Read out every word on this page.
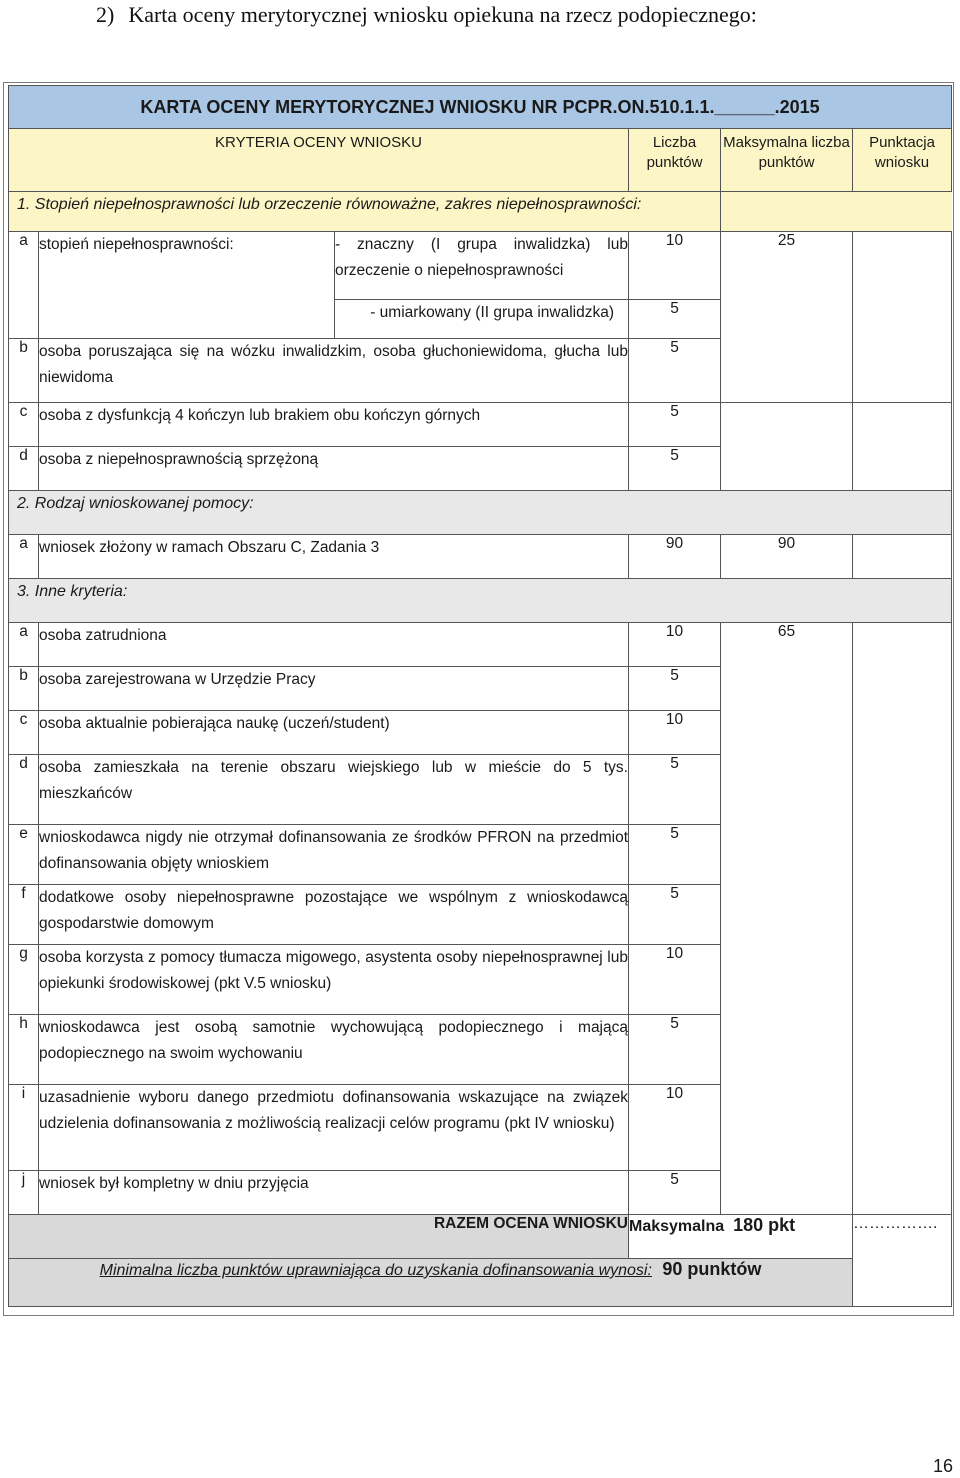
2) Karta oceny merytorycznej wniosku opiekuna na rzecz podopiecznego:
KARTA OCENY MERYTORYCZNEJ WNIOSKU NR PCPR.ON.510.1.1.______.2015					
KRYTERIA OCENY WNIOSKU			Liczba punktów	Maksymalna liczba punktów	Punktacja wniosku
1. Stopień niepełnosprawności lub orzeczenie równoważne, zakres niepełnosprawności:					
a	stopień niepełnosprawności:	- znaczny (I grupa inwalidzka) lub orzeczenie o niepełnosprawności	10	25	
		- umiarkowany (II grupa inwalidzka)	5		
b	osoba poruszająca się na wózku inwalidzkim, osoba głuchoniewidoma, głucha lub niewidoma		5		
c	osoba z dysfunkcją 4 kończyn lub brakiem obu kończyn górnych		5		
d	osoba z niepełnosprawnością sprzężoną		5		
2. Rodzaj wnioskowanej pomocy:					
a	wniosek złożony w ramach Obszaru C, Zadania 3		90	90	
3. Inne kryteria:					
a	osoba zatrudniona		10	65	
b	osoba zarejestrowana w Urzędzie Pracy		5		
c	osoba aktualnie pobierająca naukę (uczeń/student)		10		
d	osoba zamieszkała na terenie obszaru wiejskiego lub w mieście do 5 tys. mieszkańców		5		
e	wnioskodawca nigdy nie otrzymał dofinansowania ze środków PFRON na przedmiot dofinansowania objęty wnioskiem		5		
f	dodatkowe osoby niepełnosprawne pozostające we wspólnym z wnioskodawcą gospodarstwie domowym		5		
g	osoba korzysta z pomocy tłumacza migowego, asystenta osoby niepełnosprawnej lub opiekunki środowiskowej (pkt V.5 wniosku)		10		
h	wnioskodawca jest osobą samotnie wychowującą podopiecznego i mającą podopiecznego na swoim wychowaniu		5		
i	uzasadnienie wyboru danego przedmiotu dofinansowania wskazujące na związek udzielenia dofinansowania z możliwością realizacji celów programu (pkt IV wniosku)		10		
j	wniosek był kompletny w dniu przyjęcia		5		
RAZEM OCENA WNIOSKU			Maksymalna 180 pkt		…………….
Minimalna liczba punktów uprawniająca do uzyskania dofinansowania wynosi: 90 punktów					
16
